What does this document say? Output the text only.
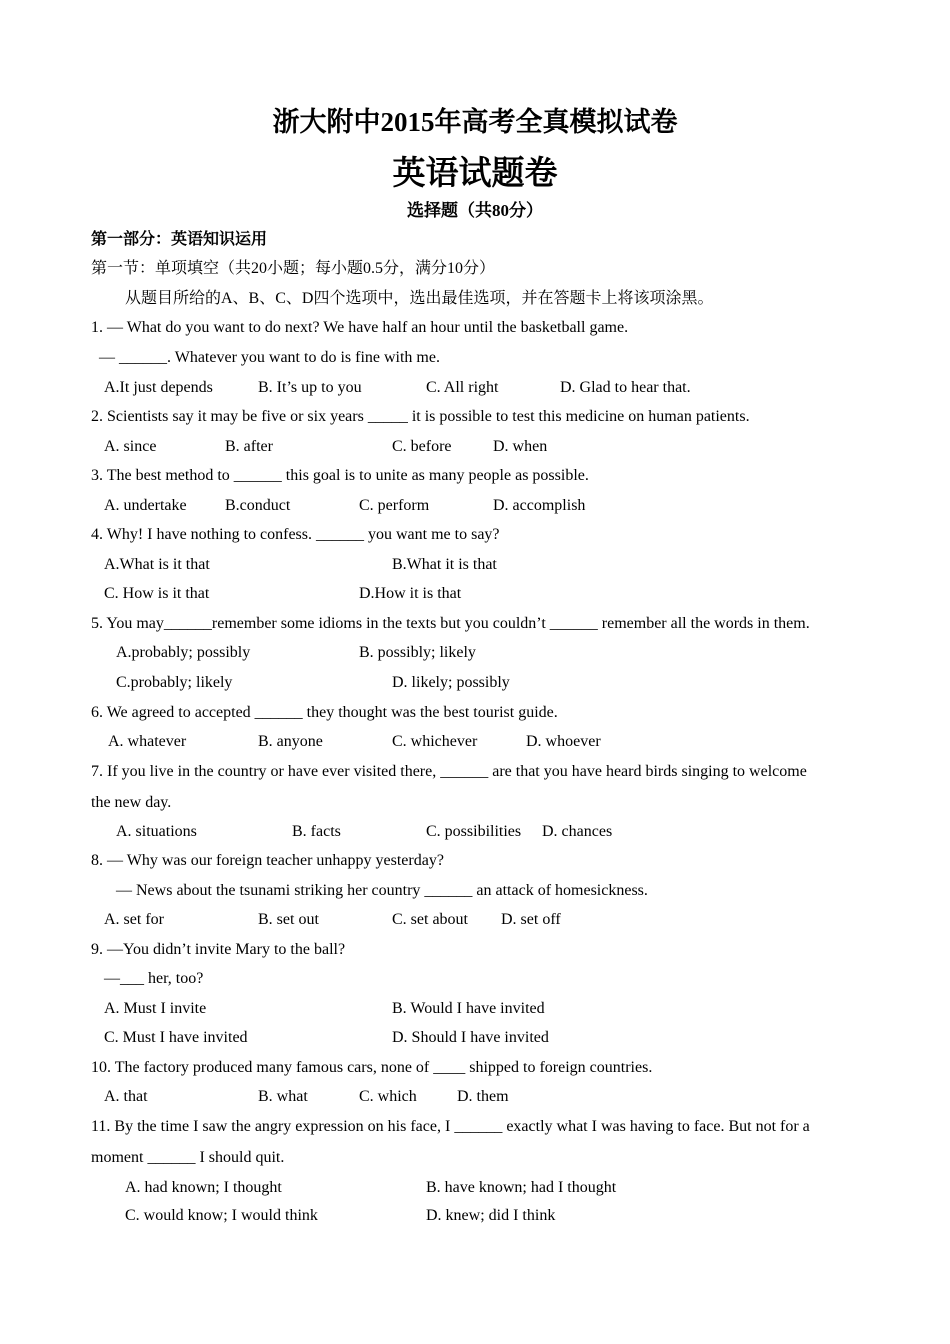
浙大附中2015年高考全真模拟试卷
英语试题卷
选择题（共80分）
第一部分：英语知识运用
第一节：单项填空（共20小题；每小题0.5分，满分10分）
从题目所给的A、B、C、D四个选项中，选出最佳选项，并在答题卡上将该项涂黑。
1. — What do you want to do next? We have half an hour until the basketball game.
— ______. Whatever you want to do is fine with me.
A.It just depends	B. It’s up to you	C. All right	D. Glad to hear that.
2. Scientists say it may be five or six years _____ it is possible to test this medicine on human patients.
A. since	B. after	C. before	D. when
3. The best method to ______ this goal is to unite as many people as possible.
A. undertake B.conduct	C. perform	D. accomplish
4. Why! I have nothing to confess. ______ you want me to say?
A.What is it that	B.What it is that
C. How is it that	D.How it is that
5. You may______remember some idioms in the texts but you couldn’t ______ remember all the words in them.
A.probably; possibly	B. possibly; likely
C.probably; likely	D. likely; possibly
6. We agreed to accepted ______ they thought was the best tourist guide.
A. whatever	B. anyone	C. whichever	D. whoever
7. If you live in the country or have ever visited there, ______ are that you have heard birds singing to welcome
the new day.
A. situations	B. facts	C. possibilities D. chances
8. — Why was our foreign teacher unhappy yesterday?
— News about the tsunami striking her country ______ an attack of homesickness.
A. set for	B. set out	C. set about D. set off
9. —You didn’t invite Mary to the ball?
—___ her, too?
A. Must I invite	B. Would I have invited
C. Must I have invited	D. Should I have invited
10. The factory produced many famous cars, none of ____ shipped to foreign countries.
A. that	B. what	C. which	D. them
11. By the time I saw the angry expression on his face, I ______ exactly what I was having to face. But not for a
moment ______ I should quit.
A. had known; I thought	B. have known; had I thought
C. would know; I would think	D. knew; did I think
